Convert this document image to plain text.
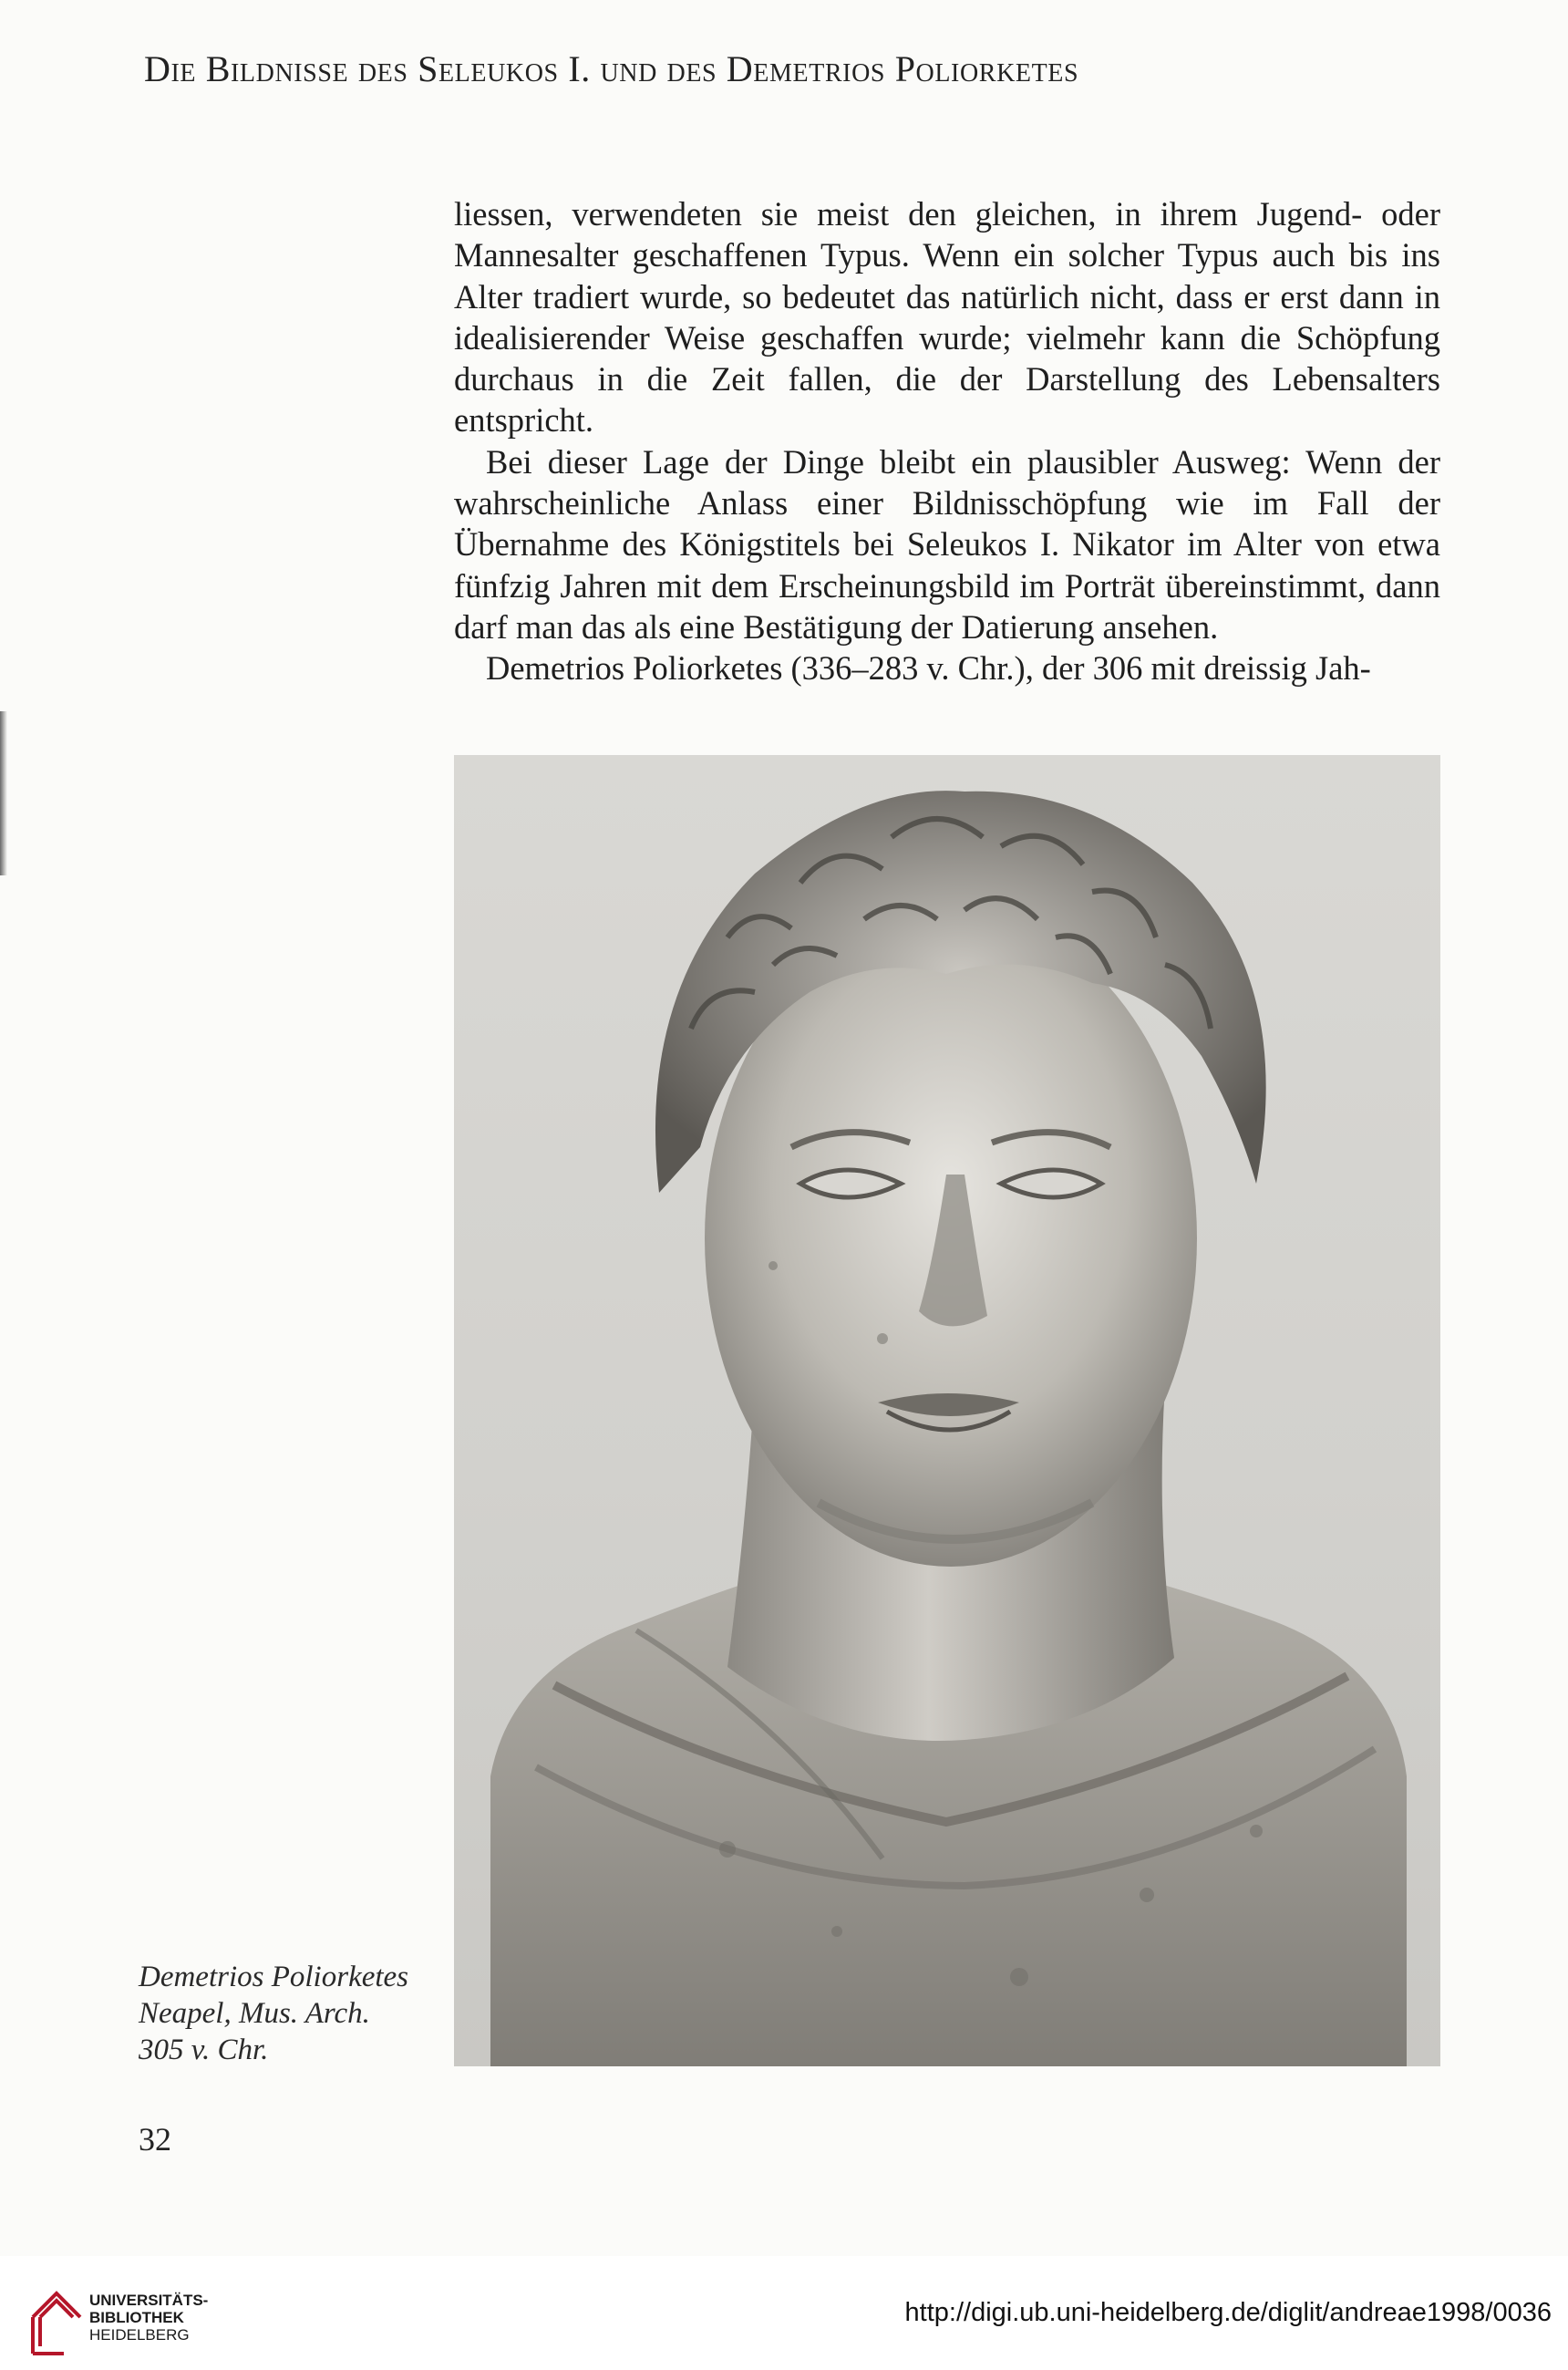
Die Bildnisse des Seleukos I. und des Demetrios Poliorketes

liessen, verwendeten sie meist den gleichen, in ihrem Jugend- oder Mannesalter geschaffenen Typus. Wenn ein solcher Typus auch bis ins Alter tradiert wurde, so bedeutet das natürlich nicht, dass er erst dann in idealisierender Weise geschaffen wurde; vielmehr kann die Schöpfung durchaus in die Zeit fallen, die der Darstellung des Lebensalters entspricht.

Bei dieser Lage der Dinge bleibt ein plausibler Ausweg: Wenn der wahrscheinliche Anlass einer Bildnisschöpfung wie im Fall der Übernahme des Königstitels bei Seleukos I. Nikator im Alter von etwa fünfzig Jahren mit dem Erscheinungsbild im Porträt übereinstimmt, dann darf man das als eine Bestätigung der Datierung ansehen.

Demetrios Poliorketes (336–283 v. Chr.), der 306 mit dreissig Jah-

Demetrios Poliorketes
Neapel, Mus. Arch.
305 v. Chr.
32
UNIVERSITÄTS-
BIBLIOTHEK
HEIDELBERG
http://digi.ub.uni-heidelberg.de/diglit/andreae1998/0036
